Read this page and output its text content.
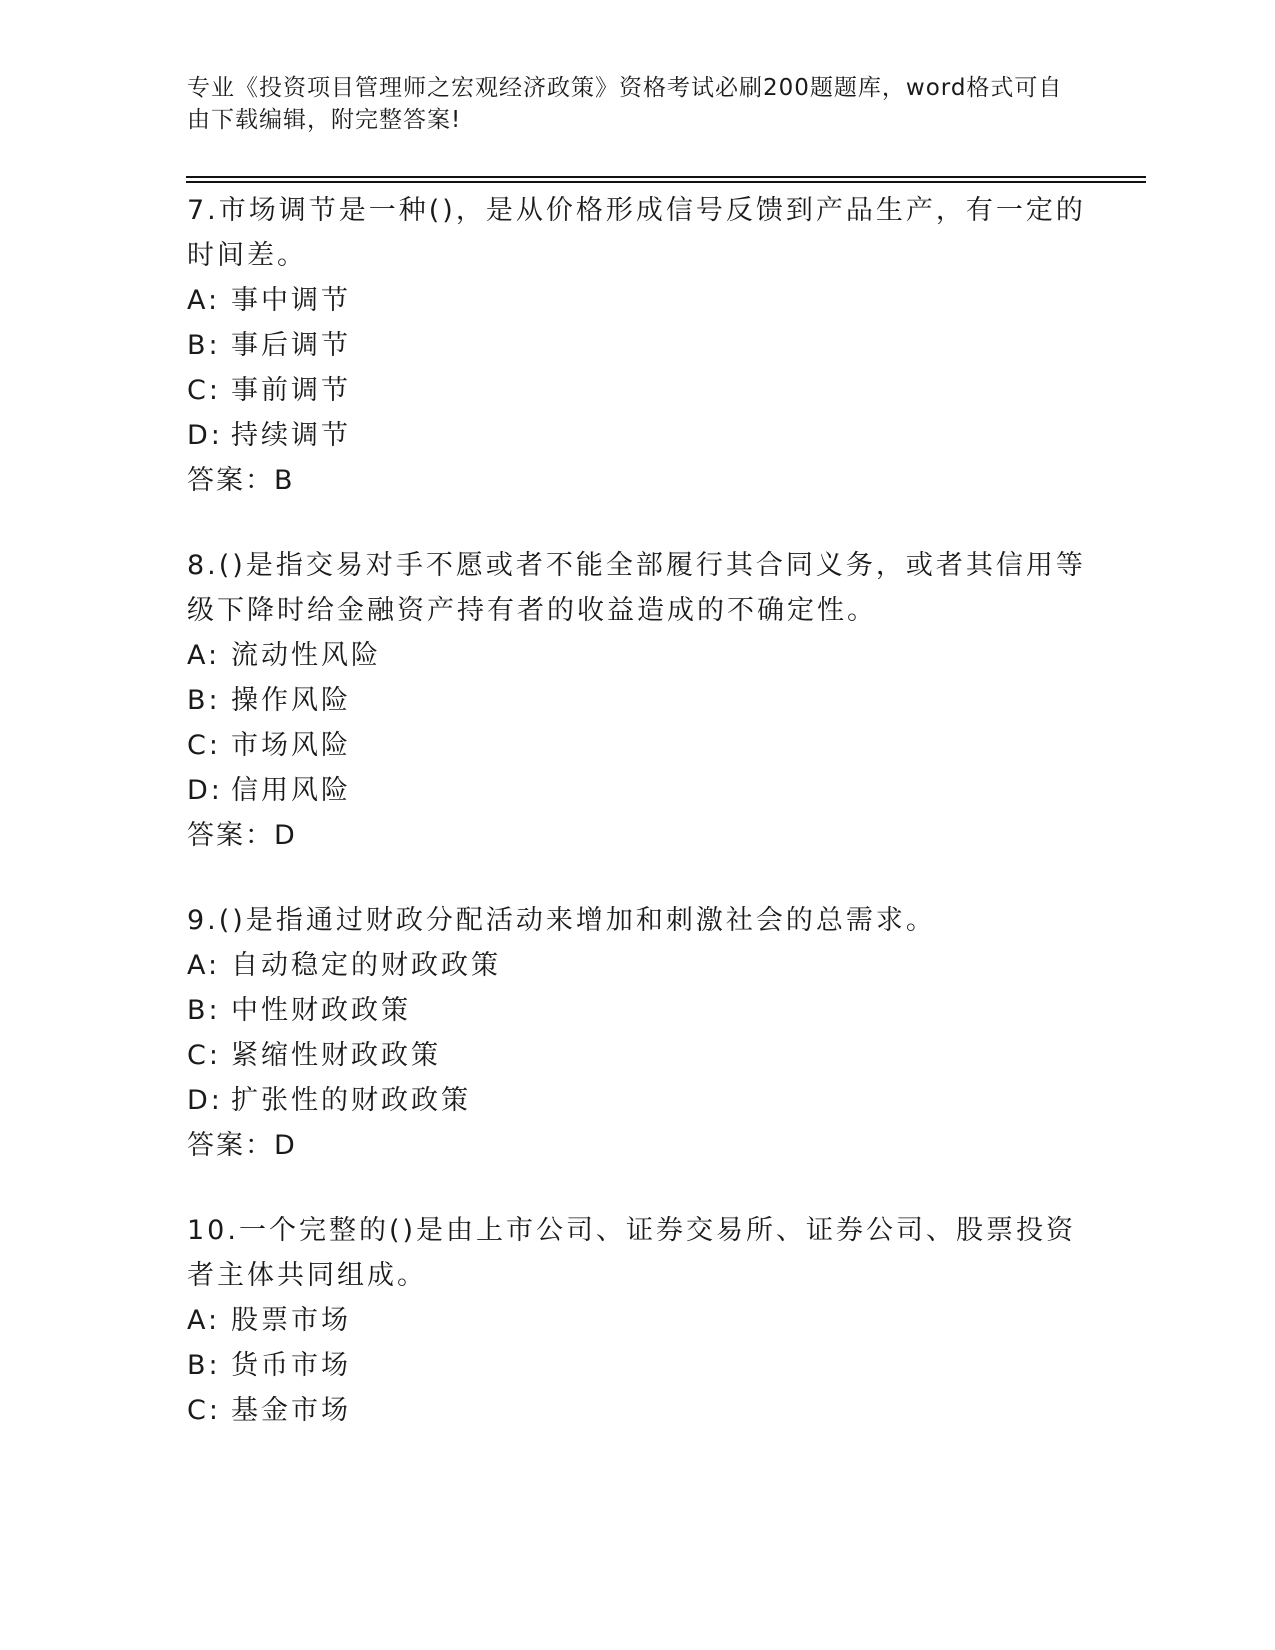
专业《投资项目管理师之宏观经济政策》资格考试必刷200题题库，word格式可自由下载编辑，附完整答案!

7.市场调节是一种()，是从价格形成信号反馈到产品生产，有一定的时间差。

A: 事中调节

B: 事后调节

C: 事前调节

D: 持续调节

答案：B

8.()是指交易对手不愿或者不能全部履行其合同义务，或者其信用等级下降时给金融资产持有者的收益造成的不确定性。

A: 流动性风险

B: 操作风险

C: 市场风险

D: 信用风险

答案：D

9.()是指通过财政分配活动来增加和刺激社会的总需求。

A: 自动稳定的财政政策

B: 中性财政政策

C: 紧缩性财政政策

D: 扩张性的财政政策

答案：D

10.一个完整的()是由上市公司、证券交易所、证券公司、股票投资者主体共同组成。

A: 股票市场

B: 货币市场

C: 基金市场
